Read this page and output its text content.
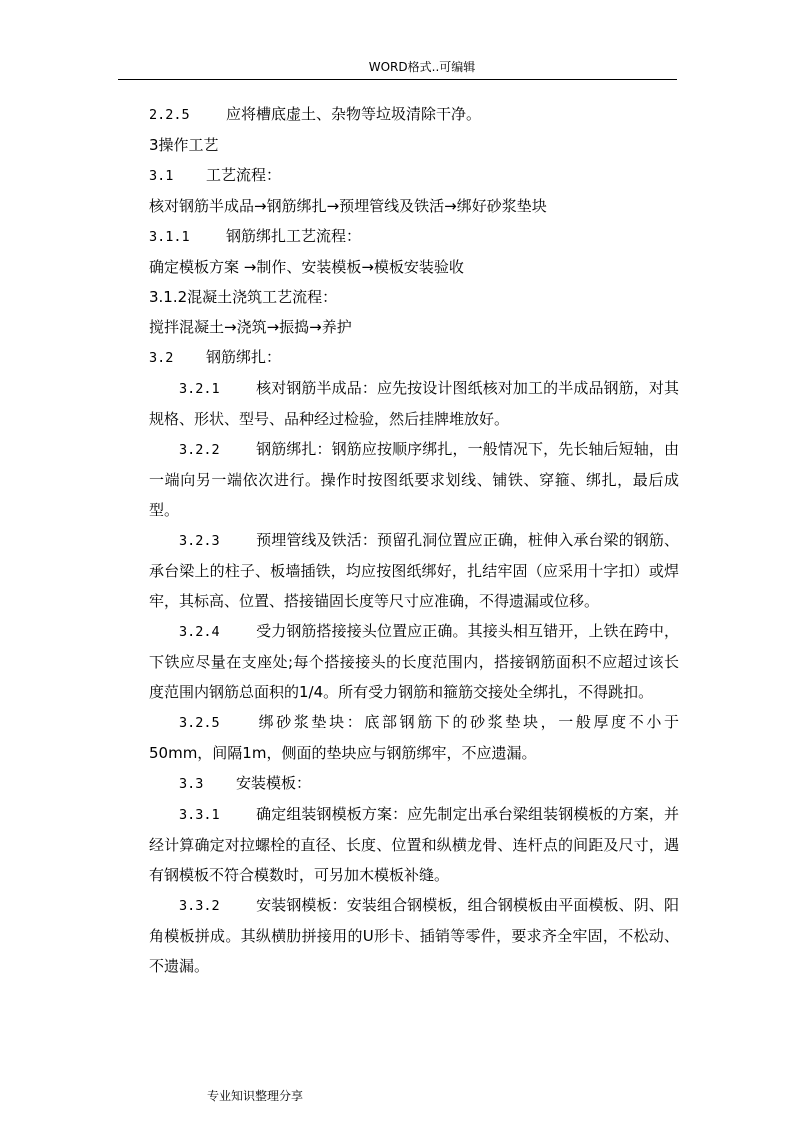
WORD格式..可编辑

2.2.5 应将槽底虚土、杂物等垃圾清除干净。

3操作工艺

3.1 工艺流程：

核对钢筋半成品→钢筋绑扎→预埋管线及铁活→绑好砂浆垫块

3.1.1 钢筋绑扎工艺流程：

确定模板方案 →制作、安装模板→模板安装验收

3.1.2混凝土浇筑工艺流程：

搅拌混凝土→浇筑→振捣→养护

3.2 钢筋绑扎：

3.2.1 核对钢筋半成品：应先按设计图纸核对加工的半成品钢筋，对其规格、形状、型号、品种经过检验，然后挂牌堆放好。

3.2.2 钢筋绑扎：钢筋应按顺序绑扎，一般情况下，先长轴后短轴，由一端向另一端依次进行。操作时按图纸要求划线、铺铁、穿箍、绑扎，最后成型。

3.2.3 预埋管线及铁活：预留孔洞位置应正确，桩伸入承台梁的钢筋、承台梁上的柱子、板墙插铁，均应按图纸绑好，扎结牢固（应采用十字扣）或焊牢，其标高、位置、搭接锚固长度等尺寸应准确，不得遗漏或位移。

3.2.4 受力钢筋搭接接头位置应正确。其接头相互错开，上铁在跨中，下铁应尽量在支座处;每个搭接接头的长度范围内，搭接钢筋面积不应超过该长度范围内钢筋总面积的1/4。所有受力钢筋和箍筋交接处全绑扎，不得跳扣。

3.2.5 绑砂浆垫块：底部钢筋下的砂浆垫块，一般厚度不小于50mm，间隔1m，侧面的垫块应与钢筋绑牢，不应遗漏。

3.3 安装模板：

3.3.1 确定组装钢模板方案：应先制定出承台梁组装钢模板的方案，并经计算确定对拉螺栓的直径、长度、位置和纵横龙骨、连杆点的间距及尺寸，遇有钢模板不符合模数时，可另加木模板补缝。

3.3.2 安装钢模板：安装组合钢模板，组合钢模板由平面模板、阴、阳角模板拼成。其纵横肋拼接用的U形卡、插销等零件，要求齐全牢固，不松动、不遗漏。

专业知识整理分享
